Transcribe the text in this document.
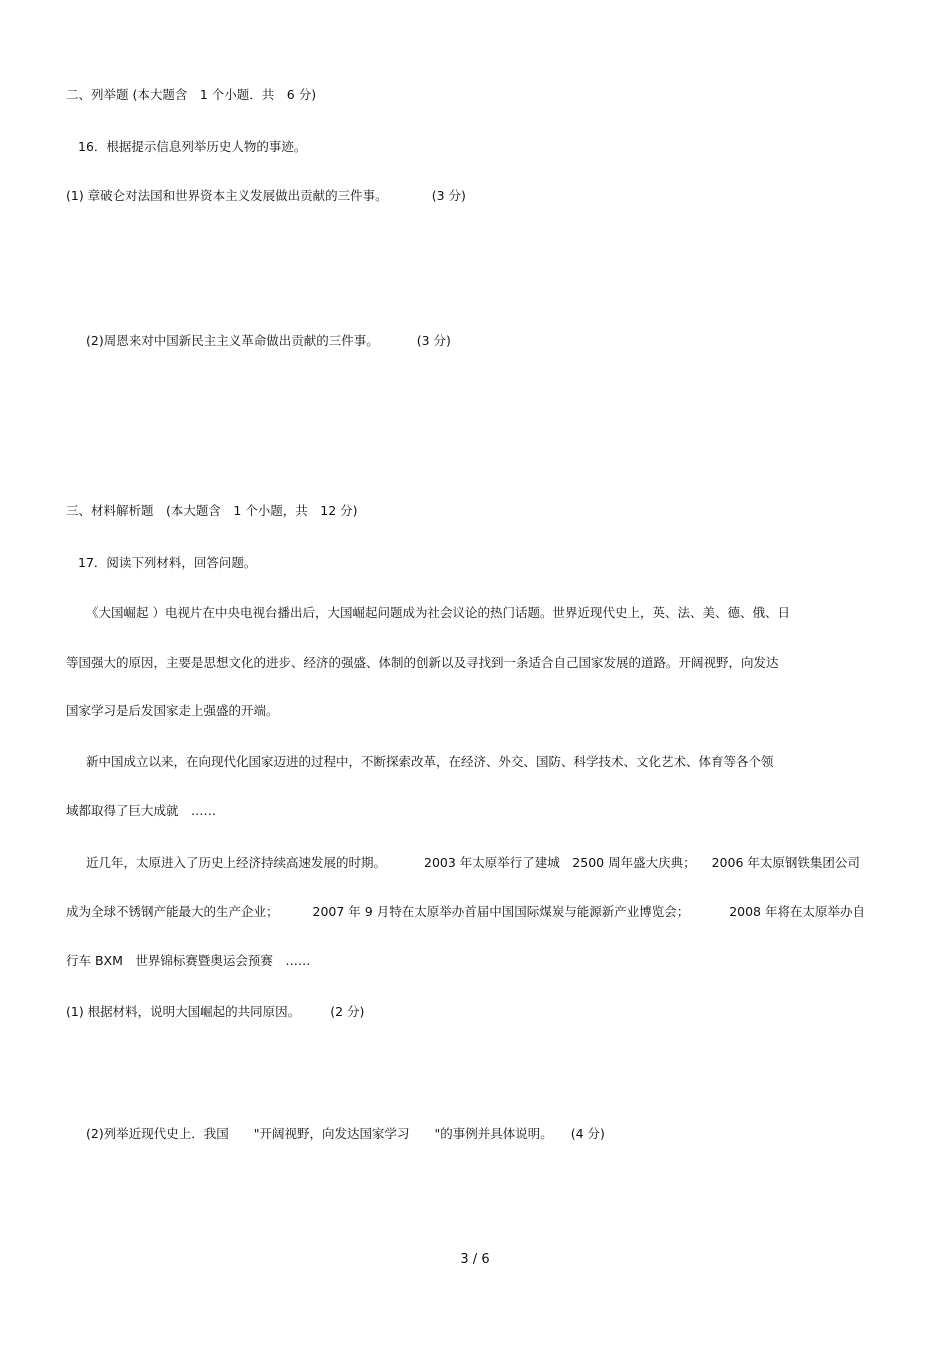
二、列举题 (本大题含　1 个小题．共　6 分)
16．根据提示信息列举历史人物的事迹。
(1) 章破仑对法国和世界资本主义发展做出贡献的三件事。	(3 分)
(2)周恩来对中国新民主主义革命做出贡献的三件事。	(3 分)
三、材料解析题　(本大题含　1 个小题，共　12 分)
17．阅读下列材料，回答问题。
《大国崛起 ）电视片在中央电视台播出后，大国崛起问题成为社会议论的热门话题。世界近现代史上，英、法、美、德、俄、日
等国强大的原因，主要是思想文化的进步、经济的强盛、体制的创新以及寻找到一条适合自己国家发展的道路。开阔视野，向发达
国家学习是后发国家走上强盛的开端。
新中国成立以来，在向现代化国家迈进的过程中，不断探索改革，在经济、外交、国防、科学技术、文化艺术、体育等各个领
域都取得了巨大成就　……
近几年，太原进入了历史上经济持续高速发展的时期。	2003 年太原举行了建城　2500 周年盛大庆典； 2006 年太原钢铁集团公司
成为全球不锈钢产能最大的生产企业；	2007 年 9 月特在太原举办首届中国国际煤炭与能源新产业博览会；	2008 年将在太原举办自
行车 BXM　世界锦标赛暨奥运会预赛　……
(1) 根据材料，说明大国崛起的共同原因。 (2 分)
(2)列举近现代史上．我国　　"开阔视野，向发达国家学习　　"的事例并具体说明。 (4 分)
3 / 6
